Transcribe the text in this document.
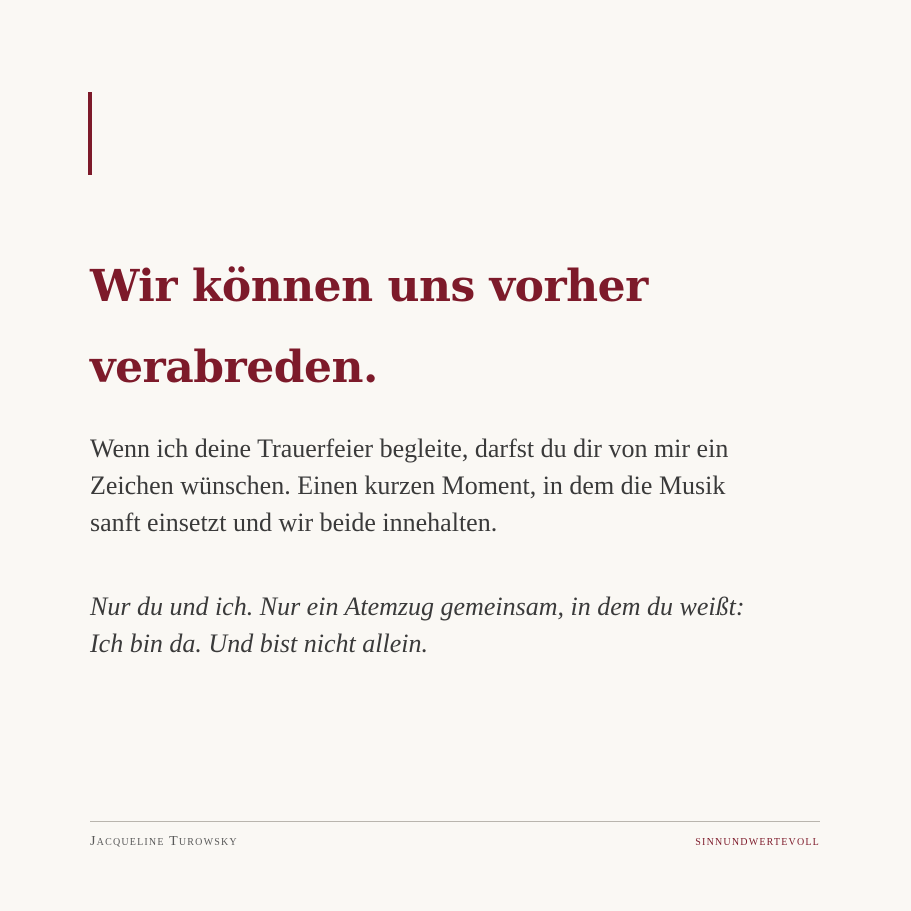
Wir können uns vorher verabreden.

Wenn ich deine Trauerfeier begleite, darfst du dir von mir ein Zeichen wünschen. Einen kurzen Moment, in dem die Musik sanft einsetzt und wir beide innehalten.

Nur du und ich. Nur ein Atemzug gemeinsam, in dem du weißt: Ich bin da. Und bist nicht allein.

Jacqueline Turowsky	sinnundwertevoll
